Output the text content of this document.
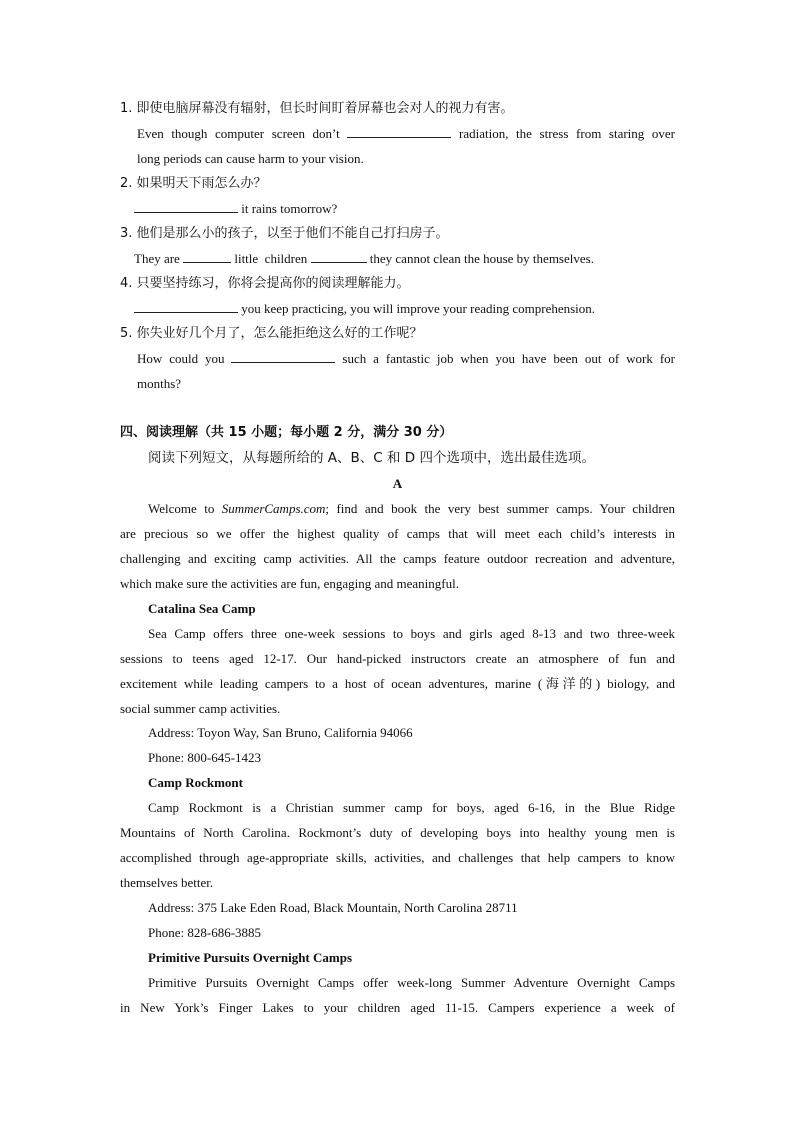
1. 即使电脑屏幕没有辐射，但长时间盯着屏幕也会对人的视力有害。
Even though computer screen don’t	radiation, the stress from staring over
long periods can cause harm to your vision.
2. 如果明天下雨怎么办？
it rains tomorrow?
3. 他们是那么小的孩子，以至于他们不能自己打扫房子。
They are	little  children	they cannot clean the house by themselves.
4. 只要坚持练习，你将会提高你的阅读理解能力。
you keep practicing, you will improve your reading comprehension.
5. 你失业好几个月了，怎么能拒绝这么好的工作呢？
How could you	such a fantastic job when you have been out of work for
months?
四、阅读理解（共 15 小题；每小题 2 分，满分 30 分）
阅读下列短文，从每题所给的 A、B、C 和 D 四个选项中，选出最佳选项。
A
Welcome to SummerCamps.com; find and book the very best summer camps. Your children
are precious so we offer the highest quality of camps that will meet each child’s interests in
challenging and exciting camp activities. All the camps feature outdoor recreation and adventure,
which make sure the activities are fun, engaging and meaningful.
Catalina Sea Camp
Sea Camp offers three one-week sessions to boys and girls aged 8-13 and two three-week
sessions to teens aged 12-17. Our hand-picked instructors create an atmosphere of fun and
excitement while leading campers to a host of ocean adventures, marine (海洋的) biology, and
social summer camp activities.
Address: Toyon Way, San Bruno, California 94066
Phone: 800-645-1423
Camp Rockmont
Camp Rockmont is a Christian summer camp for boys, aged 6-16, in the Blue Ridge
Mountains of North Carolina. Rockmont’s duty of developing boys into healthy young men is
accomplished through age-appropriate skills, activities, and challenges that help campers to know
themselves better.
Address: 375 Lake Eden Road, Black Mountain, North Carolina 28711
Phone: 828-686-3885
Primitive Pursuits Overnight Camps
Primitive Pursuits Overnight Camps offer week-long Summer Adventure Overnight Camps
in New York’s Finger Lakes to your children aged 11-15. Campers experience a week of
